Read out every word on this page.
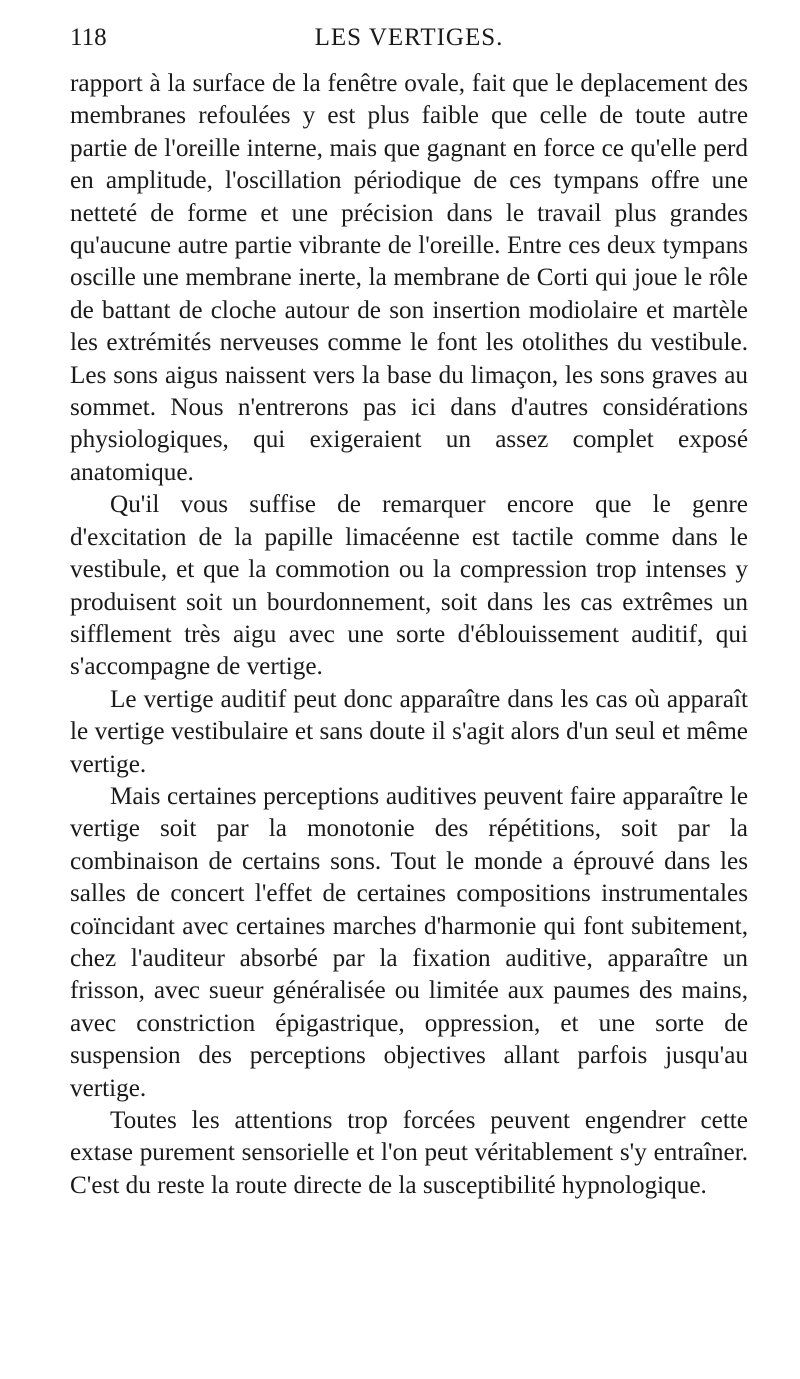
118	LES VERTIGES.

rapport à la surface de la fenêtre ovale, fait que le deplacement des membranes refoulées y est plus faible que celle de toute autre partie de l'oreille interne, mais que gagnant en force ce qu'elle perd en amplitude, l'oscillation périodique de ces tympans offre une netteté de forme et une précision dans le travail plus grandes qu'aucune autre partie vibrante de l'oreille. Entre ces deux tympans oscille une membrane inerte, la membrane de Corti qui joue le rôle de battant de cloche autour de son insertion modiolaire et martèle les extrémités nerveuses comme le font les otolithes du vestibule. Les sons aigus naissent vers la base du limaçon, les sons graves au sommet. Nous n'entrerons pas ici dans d'autres considérations physiologiques, qui exigeraient un assez complet exposé anatomique.

Qu'il vous suffise de remarquer encore que le genre d'excitation de la papille limacéenne est tactile comme dans le vestibule, et que la commotion ou la compression trop intenses y produisent soit un bourdonnement, soit dans les cas extrêmes un sifflement très aigu avec une sorte d'éblouissement auditif, qui s'accompagne de vertige.

Le vertige auditif peut donc apparaître dans les cas où apparaît le vertige vestibulaire et sans doute il s'agit alors d'un seul et même vertige.

Mais certaines perceptions auditives peuvent faire apparaître le vertige soit par la monotonie des répétitions, soit par la combinaison de certains sons. Tout le monde a éprouvé dans les salles de concert l'effet de certaines compositions instrumentales coïncidant avec certaines marches d'harmonie qui font subitement, chez l'auditeur absorbé par la fixation auditive, apparaître un frisson, avec sueur généralisée ou limitée aux paumes des mains, avec constriction épigastrique, oppression, et une sorte de suspension des perceptions objectives allant parfois jusqu'au vertige.

Toutes les attentions trop forcées peuvent engendrer cette extase purement sensorielle et l'on peut véritablement s'y entraîner. C'est du reste la route directe de la susceptibilité hypnologique.
